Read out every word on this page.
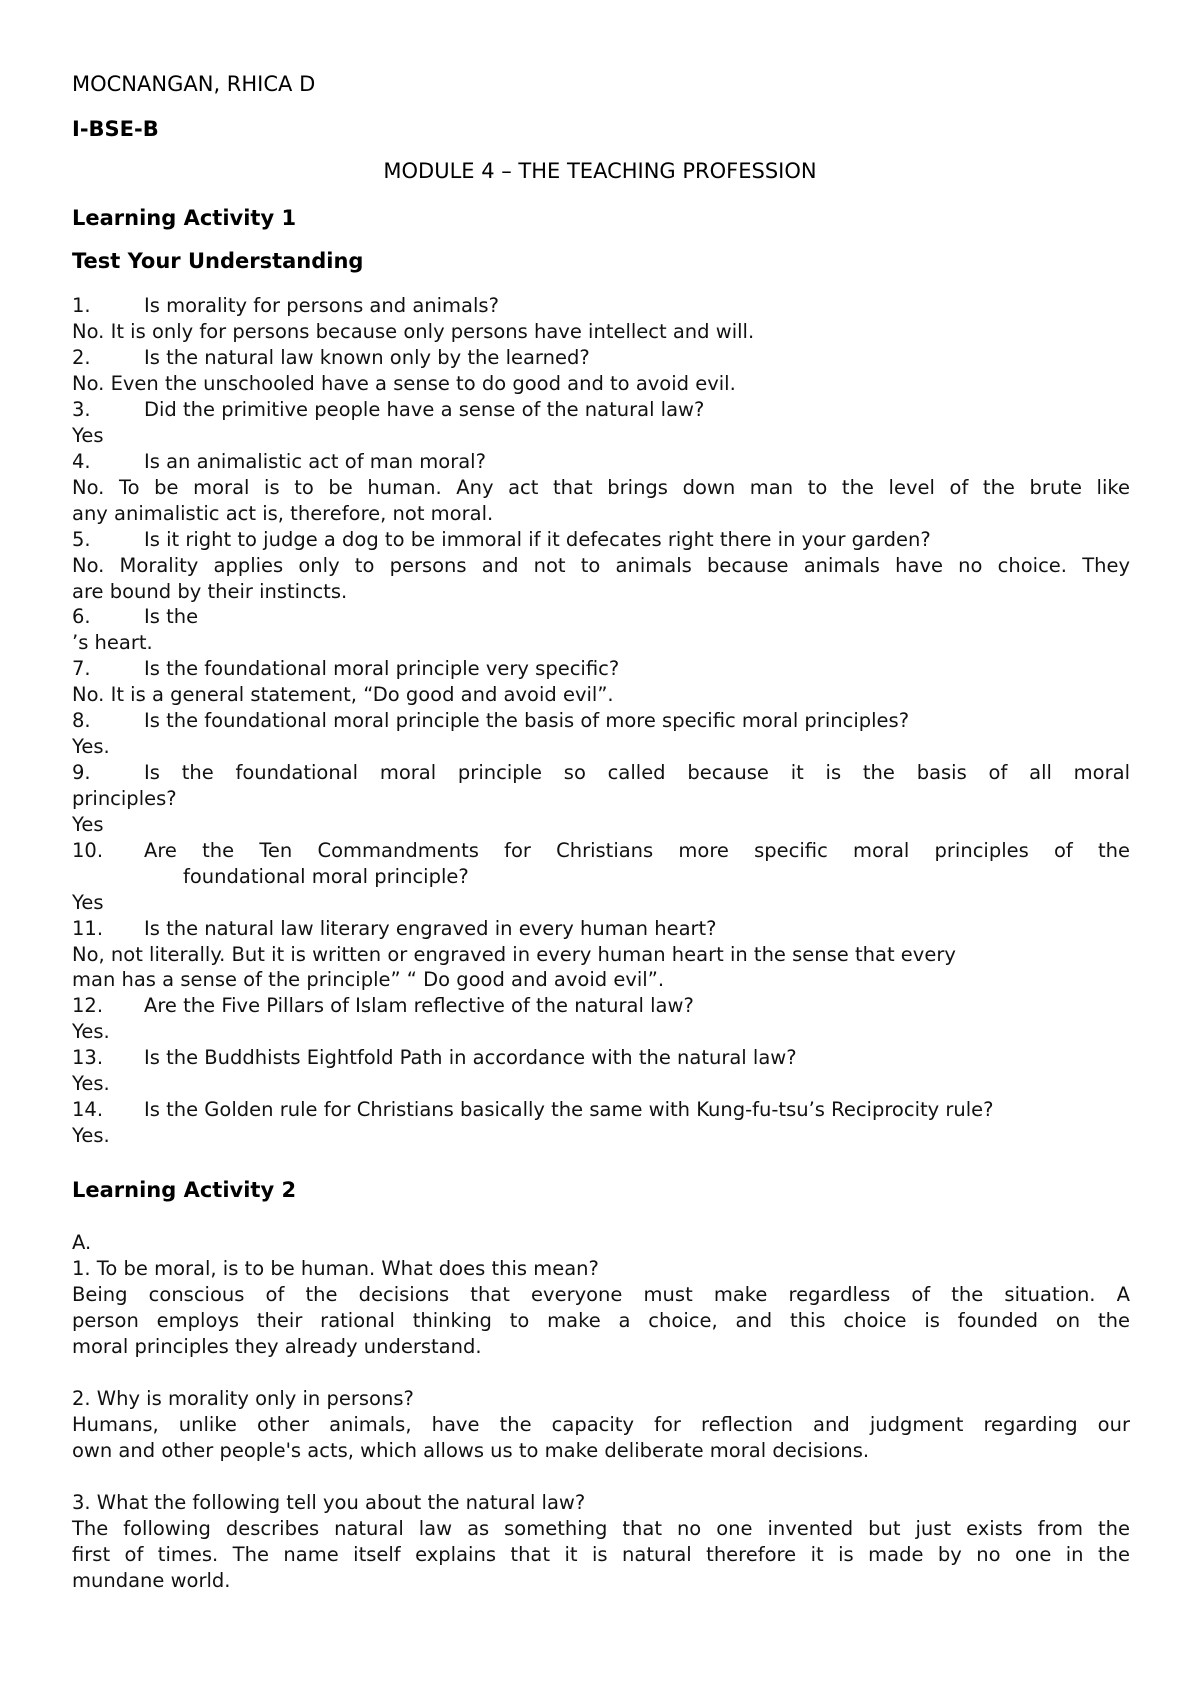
MOCNANGAN, RHICA D

I-BSE-B

MODULE 4 – THE TEACHING PROFESSION

Learning Activity 1

Test Your Understanding

1.	Is morality for persons and animals?

No. It is only for persons because only persons have intellect and will.

2.	Is the natural law known only by the learned?

No. Even the unschooled have a sense to do good and to avoid evil.

3.	Did the primitive people have a sense of the natural law?

Yes

4.	Is an animalistic act of man moral?

No. To be moral is to be human. Any act that brings down man to the level of the brute like

any animalistic act is, therefore, not moral.

5.	Is it right to judge a dog to be immoral if it defecates right there in your garden?

No. Morality applies only to persons and not to animals because animals have no choice. They

are bound by their instincts.

6.	Is the

’s heart.

7.	Is the foundational moral principle very specific?

No. It is a general statement, “Do good and avoid evil”.

8.	Is the foundational moral principle the basis of more specific moral principles?

Yes.

9.	Is the foundational moral principle so called because it is the basis of all moral

principles?

Yes

10. Are the Ten Commandments for Christians more specific moral principles of the

foundational moral principle?

Yes

11. Is the natural law literary engraved in every human heart?

No, not literally. But it is written or engraved in every human heart in the sense that every

man has a sense of the principle” “ Do good and avoid evil”.

12. Are the Five Pillars of Islam reflective of the natural law?

Yes.

13. Is the Buddhists Eightfold Path in accordance with the natural law?

Yes.

14. Is the Golden rule for Christians basically the same with Kung-fu-tsu’s Reciprocity rule?

Yes.

Learning Activity 2

A.

1. To be moral, is to be human. What does this mean?

Being conscious of the decisions that everyone must make regardless of the situation. A

person employs their rational thinking to make a choice, and this choice is founded on the

moral principles they already understand.

2. Why is morality only in persons?

Humans, unlike other animals, have the capacity for reflection and judgment regarding our

own and other people's acts, which allows us to make deliberate moral decisions.

3. What the following tell you about the natural law?

The following describes natural law as something that no one invented but just exists from the

first of times. The name itself explains that it is natural therefore it is made by no one in the

mundane world.
